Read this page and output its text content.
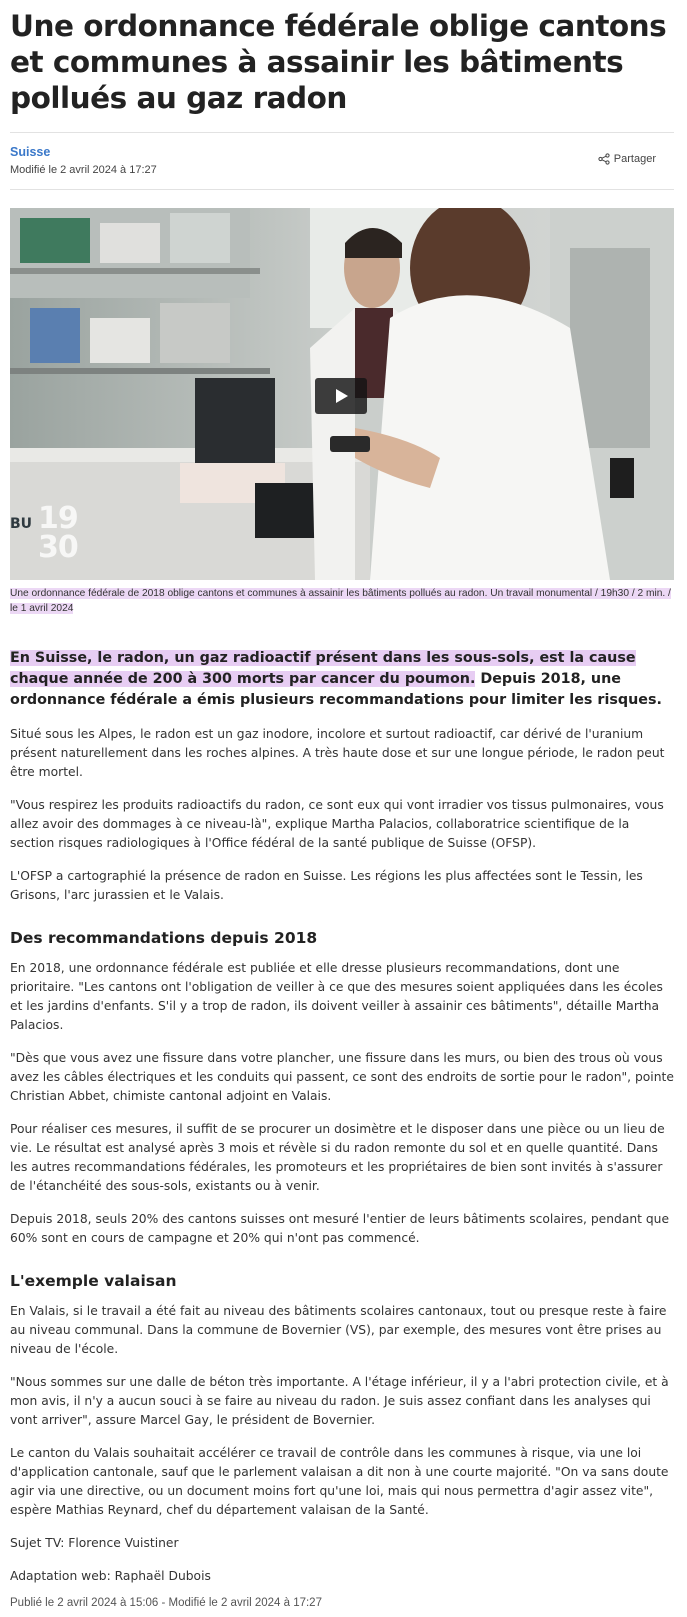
Une ordonnance fédérale oblige cantons et communes à assainir les bâtiments pollués au gaz radon
Suisse
Modifié le 2 avril 2024 à 17:27
Partager
BU 19
30
Une ordonnance fédérale de 2018 oblige cantons et communes à assainir les bâtiments pollués au radon. Un travail monumental / 19h30 / 2 min. / le 1 avril 2024

En Suisse, le radon, un gaz radioactif présent dans les sous-sols, est la cause chaque année de 200 à 300 morts par cancer du poumon. Depuis 2018, une ordonnance fédérale a émis plusieurs recommandations pour limiter les risques.

Situé sous les Alpes, le radon est un gaz inodore, incolore et surtout radioactif, car dérivé de l'uranium présent naturellement dans les roches alpines. A très haute dose et sur une longue période, le radon peut être mortel.

"Vous respirez les produits radioactifs du radon, ce sont eux qui vont irradier vos tissus pulmonaires, vous allez avoir des dommages à ce niveau-là", explique Martha Palacios, collaboratrice scientifique de la section risques radiologiques à l'Office fédéral de la santé publique de Suisse (OFSP).

L'OFSP a cartographié la présence de radon en Suisse. Les régions les plus affectées sont le Tessin, les Grisons, l'arc jurassien et le Valais.

Des recommandations depuis 2018

En 2018, une ordonnance fédérale est publiée et elle dresse plusieurs recommandations, dont une prioritaire. "Les cantons ont l'obligation de veiller à ce que des mesures soient appliquées dans les écoles et les jardins d'enfants. S'il y a trop de radon, ils doivent veiller à assainir ces bâtiments", détaille Martha Palacios.

"Dès que vous avez une fissure dans votre plancher, une fissure dans les murs, ou bien des trous où vous avez les câbles électriques et les conduits qui passent, ce sont des endroits de sortie pour le radon", pointe Christian Abbet, chimiste cantonal adjoint en Valais.

Pour réaliser ces mesures, il suffit de se procurer un dosimètre et le disposer dans une pièce ou un lieu de vie. Le résultat est analysé après 3 mois et révèle si du radon remonte du sol et en quelle quantité. Dans les autres recommandations fédérales, les promoteurs et les propriétaires de bien sont invités à s'assurer de l'étanchéité des sous-sols, existants ou à venir.

Depuis 2018, seuls 20% des cantons suisses ont mesuré l'entier de leurs bâtiments scolaires, pendant que 60% sont en cours de campagne et 20% qui n'ont pas commencé.

L'exemple valaisan

En Valais, si le travail a été fait au niveau des bâtiments scolaires cantonaux, tout ou presque reste à faire au niveau communal. Dans la commune de Bovernier (VS), par exemple, des mesures vont être prises au niveau de l'école.

"Nous sommes sur une dalle de béton très importante. A l'étage inférieur, il y a l'abri protection civile, et à mon avis, il n'y a aucun souci à se faire au niveau du radon. Je suis assez confiant dans les analyses qui vont arriver", assure Marcel Gay, le président de Bovernier.

Le canton du Valais souhaitait accélérer ce travail de contrôle dans les communes à risque, via une loi d'application cantonale, sauf que le parlement valaisan a dit non à une courte majorité. "On va sans doute agir via une directive, ou un document moins fort qu'une loi, mais qui nous permettra d'agir assez vite", espère Mathias Reynard, chef du département valaisan de la Santé.

Sujet TV: Florence Vuistiner

Adaptation web: Raphaël Dubois

Publié le 2 avril 2024 à 15:06 - Modifié le 2 avril 2024 à 17:27
